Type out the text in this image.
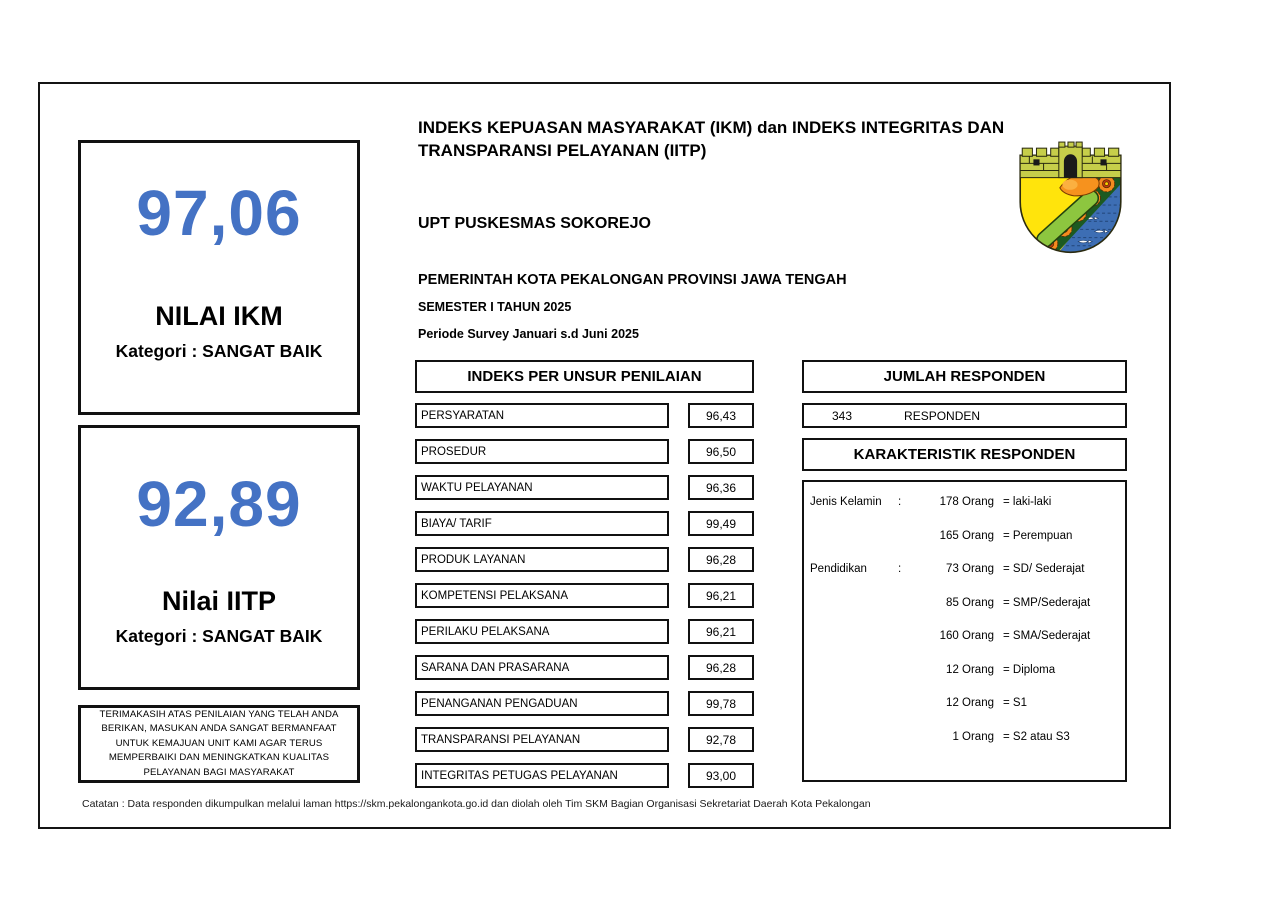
97,06
NILAI IKM
Kategori : SANGAT BAIK
92,89
Nilai IITP
Kategori : SANGAT BAIK
TERIMAKASIH ATAS PENILAIAN YANG TELAH ANDA BERIKAN, MASUKAN ANDA SANGAT BERMANFAAT UNTUK KEMAJUAN UNIT KAMI AGAR TERUS MEMPERBAIKI DAN MENINGKATKAN KUALITAS PELAYANAN BAGI MASYARAKAT
INDEKS KEPUASAN MASYARAKAT (IKM) dan INDEKS INTEGRITAS DAN TRANSPARANSI PELAYANAN (IITP)
UPT PUSKESMAS SOKOREJO
PEMERINTAH KOTA PEKALONGAN PROVINSI JAWA TENGAH
SEMESTER I TAHUN 2025
Periode Survey Januari s.d Juni 2025
INDEKS PER UNSUR PENILAIAN
PERSYARATAN	96,43
PROSEDUR	96,50
WAKTU PELAYANAN	96,36
BIAYA/ TARIF	99,49
PRODUK LAYANAN	96,28
KOMPETENSI PELAKSANA	96,21
PERILAKU PELAKSANA	96,21
SARANA DAN PRASARANA	96,28
PENANGANAN PENGADUAN	99,78
TRANSPARANSI PELAYANAN	92,78
INTEGRITAS PETUGAS PELAYANAN	93,00
JUMLAH RESPONDEN
343	RESPONDEN
KARAKTERISTIK RESPONDEN
Jenis Kelamin	:	178 Orang = laki-laki
165 Orang = Perempuan
Pendidikan	:	73 Orang = SD/ Sederajat
85 Orang = SMP/Sederajat
160 Orang = SMA/Sederajat
12 Orang = Diploma
12 Orang = S1
1 Orang = S2 atau S3
Catatan : Data responden dikumpulkan melalui laman https://skm.pekalongankota.go.id dan diolah oleh Tim SKM Bagian Organisasi Sekretariat Daerah Kota Pekalongan
